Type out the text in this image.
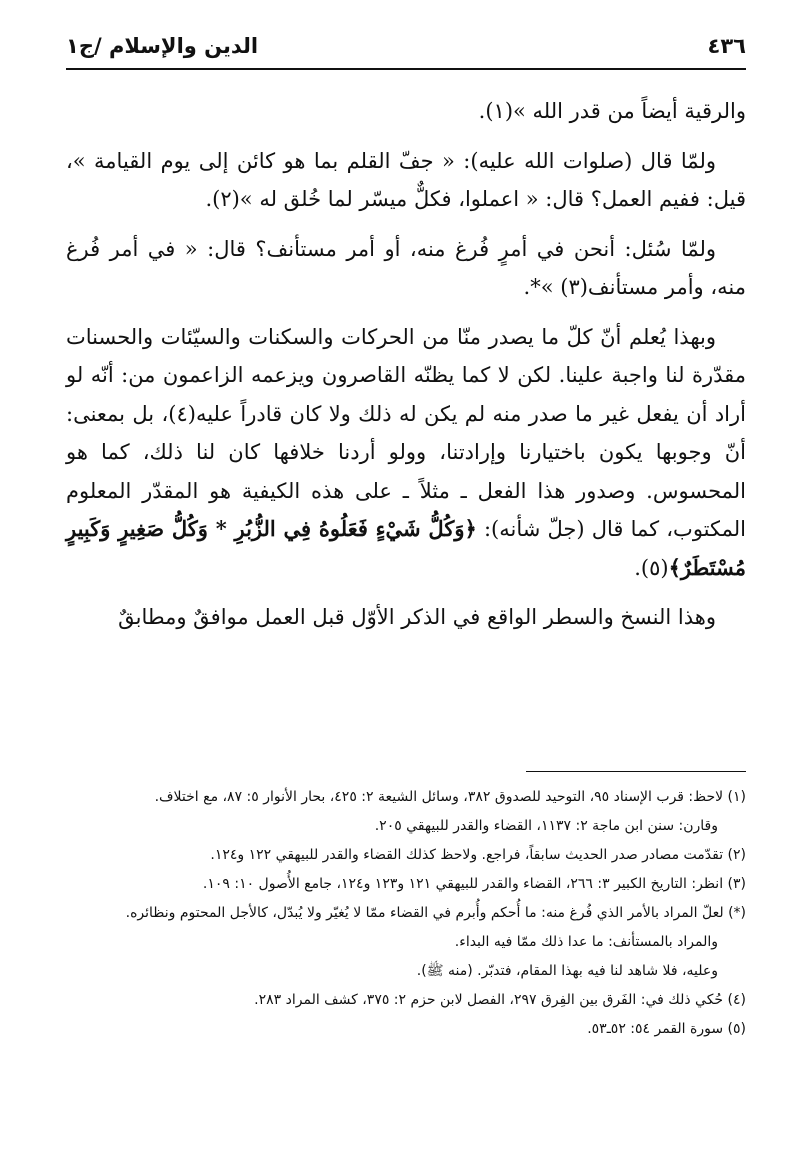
٤٣٦
الدين والإسلام /ج١

والرقية أيضاً من قدر الله »(١).

ولمّا قال (صلوات الله عليه): « جفّ القلم بما هو كائن إلى يوم القيامة »، قيل: ففيم العمل؟ قال: « اعملوا، فكلٌّ ميسّر لما خُلق له »(٢).

ولمّا سُئل: أنحن في أمرٍ فُرغ منه، أو أمر مستأنف؟ قال: « في أمر فُرغ منه، وأمر مستأنف(٣) »*.

وبهذا يُعلم أنّ كلّ ما يصدر منّا من الحركات والسكنات والسيّئات والحسنات مقدّرة لنا واجبة علينا. لكن لا كما يظنّه القاصرون ويزعمه الزاعمون من: أنّه لو أراد أن يفعل غير ما صدر منه لم يكن له ذلك ولا كان قادراً عليه(٤)، بل بمعنى: أنّ وجوبها يكون باختيارنا وإرادتنا، وولو أردنا خلافها كان لنا ذلك، كما هو المحسوس. وصدور هذا الفعل ـ مثلاً ـ على هذه الكيفية هو المقدّر المعلوم المكتوب، كما قال (جلّ شأنه): ﴿وَكُلُّ شَيْءٍ فَعَلُوهُ فِي الزُّبُرِ * وَكُلُّ صَغِيرٍ وَكَبِيرٍ مُسْتَطَرٌ﴾(٥).

وهذا النسخ والسطر الواقع في الذكر الأوّل قبل العمل موافقٌ ومطابقٌ

(١) لاحظ: قرب الإسناد ٩٥، التوحيد للصدوق ٣٨٢، وسائل الشيعة ٢: ٤٢٥، بحار الأنوار ٥: ٨٧، مع اختلاف.

وقارن: سنن ابن ماجة ٢: ١١٣٧، القضاء والقدر للبيهقي ٢٠٥.

(٢) تقدّمت مصادر صدر الحديث سابقاً، فراجع. ولاحظ كذلك القضاء والقدر للبيهقي ١٢٢ و١٢٤.

(٣) انظر: التاريخ الكبير ٣: ٢٦٦، القضاء والقدر للبيهقي ١٢١ و١٢٣ و١٢٤، جامع الأُصول ١٠: ١٠٩.

(*) لعلّ المراد بالأمر الذي فُرغ منه: ما أُحكم وأُبرم في القضاء ممّا لا يُغيّر ولا يُبدّل، كالأجل المحتوم ونظائره.

والمراد بالمستأنف: ما عدا ذلك ممّا فيه البداء.

وعليه، فلا شاهد لنا فيه بهذا المقام، فتدبّر. (منه ﷺ).

(٤) حُكي ذلك في: الفَرق بين الفِرق ٢٩٧، الفصل لابن حزم ٢: ٣٧٥، كشف المراد ٢٨٣.

(٥) سورة القمر ٥٤: ٥٢ـ٥٣.
